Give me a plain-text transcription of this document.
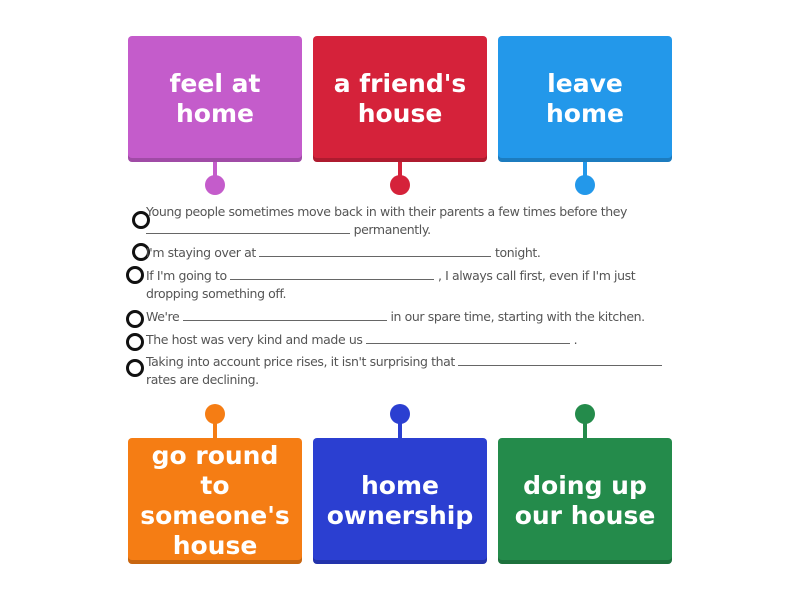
feel at home
a friend's house
leave home
Young people sometimes move back in with their parents a few times before they
permanently.
I'm staying over at	tonight.
If I'm going to	, I always call first, even if I'm just
dropping something off.
We're	in our spare time, starting with the kitchen.
The host was very kind and made us	.
Taking into account price rises, it isn't surprising that
rates are declining.
go round to someone's house
home ownership
doing up our house
